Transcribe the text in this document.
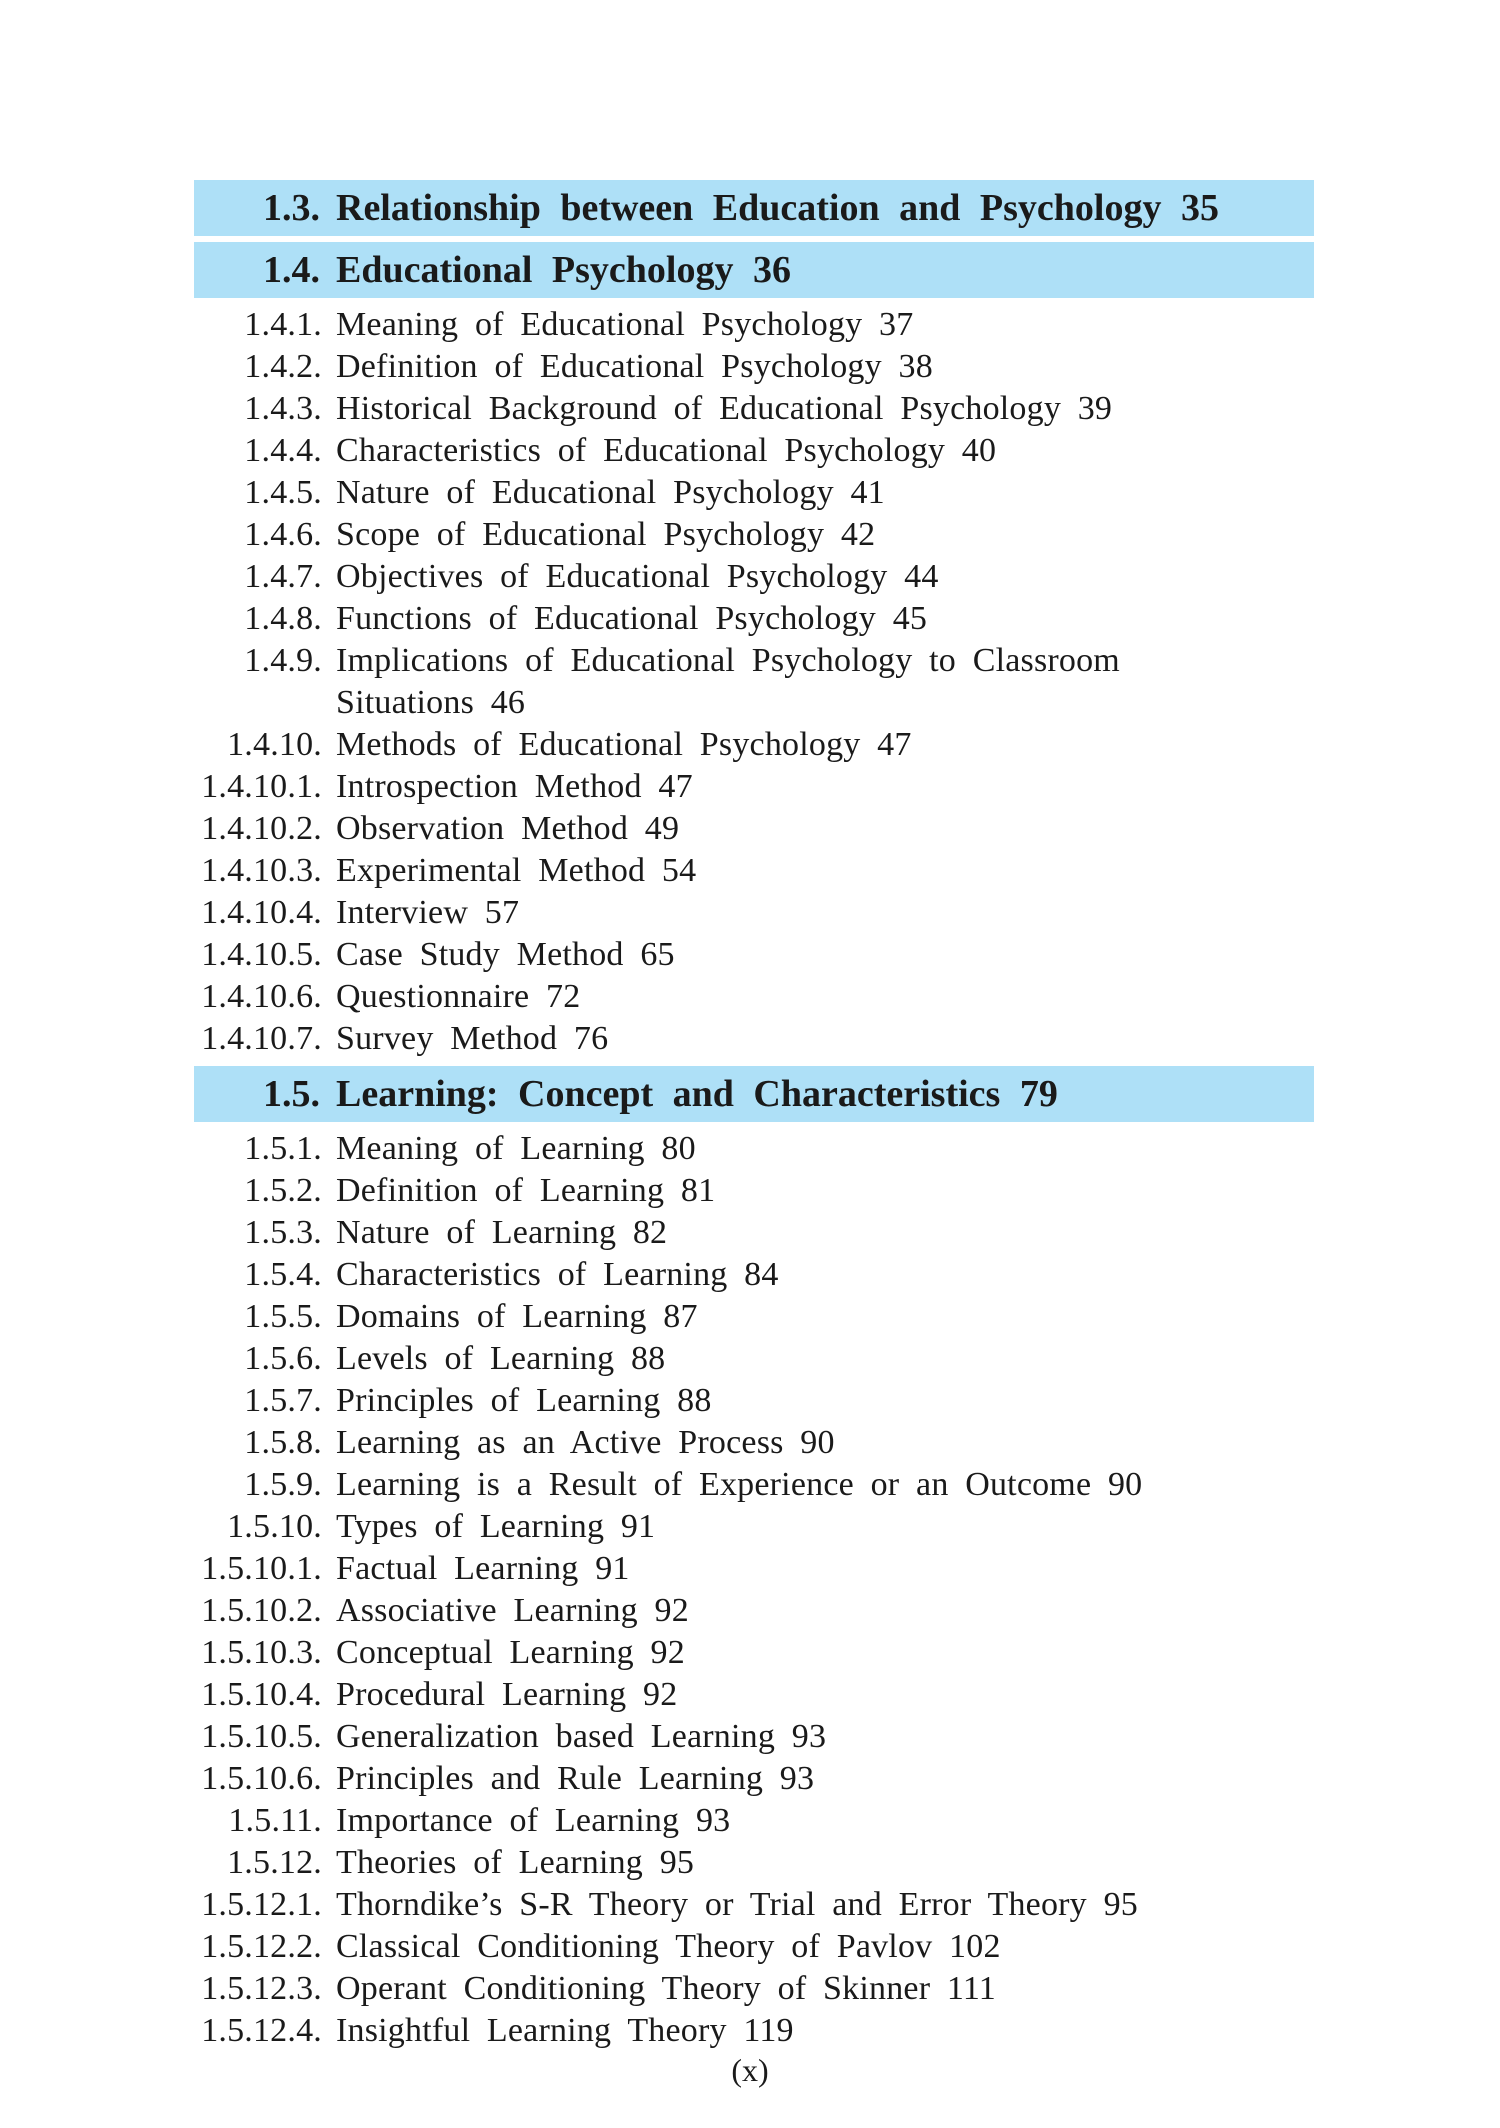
1.3. Relationship between Education and Psychology 35
1.4. Educational Psychology 36
1.4.1. Meaning of Educational Psychology 37
1.4.2. Definition of Educational Psychology 38
1.4.3. Historical Background of Educational Psychology 39
1.4.4. Characteristics of Educational Psychology 40
1.4.5. Nature of Educational Psychology 41
1.4.6. Scope of Educational Psychology 42
1.4.7. Objectives of Educational Psychology 44
1.4.8. Functions of Educational Psychology 45
1.4.9. Implications of Educational Psychology to Classroom
Situations 46
1.4.10. Methods of Educational Psychology 47
1.4.10.1. Introspection Method 47
1.4.10.2. Observation Method 49
1.4.10.3. Experimental Method 54
1.4.10.4. Interview 57
1.4.10.5. Case Study Method 65
1.4.10.6. Questionnaire 72
1.4.10.7. Survey Method 76
1.5. Learning: Concept and Characteristics 79
1.5.1. Meaning of Learning 80
1.5.2. Definition of Learning 81
1.5.3. Nature of Learning 82
1.5.4. Characteristics of Learning 84
1.5.5. Domains of Learning 87
1.5.6. Levels of Learning 88
1.5.7. Principles of Learning 88
1.5.8. Learning as an Active Process 90
1.5.9. Learning is a Result of Experience or an Outcome 90
1.5.10. Types of Learning 91
1.5.10.1. Factual Learning 91
1.5.10.2. Associative Learning 92
1.5.10.3. Conceptual Learning 92
1.5.10.4. Procedural Learning 92
1.5.10.5. Generalization based Learning 93
1.5.10.6. Principles and Rule Learning 93
1.5.11. Importance of Learning 93
1.5.12. Theories of Learning 95
1.5.12.1. Thorndike’s S-R Theory or Trial and Error Theory 95
1.5.12.2. Classical Conditioning Theory of Pavlov 102
1.5.12.3. Operant Conditioning Theory of Skinner 111
1.5.12.4. Insightful Learning Theory 119
(x)
